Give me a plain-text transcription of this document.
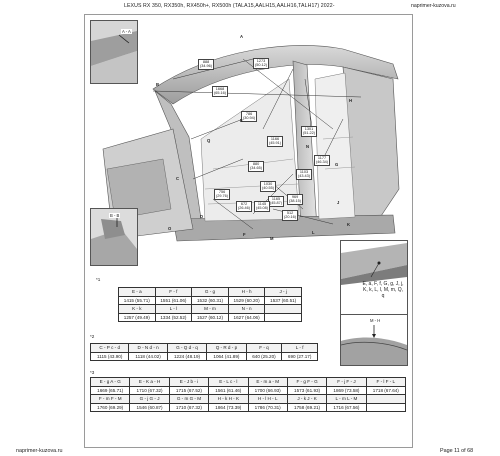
LEXUS RX 350, RX350h, RX450h+, RX500h (TALA15,AALH15,AALH16,TALH17) 2022-	naprimer-kuzova.ru
888
(34.96)
1273
(50.12)
1668
(65.16)
786
(30.94)
1166
(45.91)
1301
(51.22)
880
(34.65)
1177
(46.34)
1030
(40.55)
1103
(43.43)
1165
(45.87)
756
(29.76)
672
(26.46)
969
(38.15)
1145
(45.08)
512
(20.16)
A
B
C
D
E
F
G
H
J
K
L
M
N
O
Q
A - A
B - B
E, a, F, f, G, g, J, j, K, k, L, l, M, m, Q, q
M - H
*1
E - a	F - f	G - g	H - h	J - j
1415 (55.71)	1551 (61.06)	1532 (60.31)	1529 (60.20)	1537 (60.51)
K - k	L - l	M - m	N - n	
1257 (49.49)	1334 (52.52)	1527 (60.12)	1627 (64.06)	
*2
C - P c - d	D - N d - n	G - Q d - q	Q - R d - p	F - q	L - f
1115 (43.90)	1118 (44.02)	1224 (48.19)	1064 (41.89)	640 (25.20)	690 (27.17)
*3
E - g A - G	E - K a - H	E - J b - i	E - L c - l	E - m a - M	F - g F - G	F - j F - J	F - l F - L
1669 (65.71)	1710 (67.32)	1715 (67.52)	1561 (61.46)	1700 (66.93)	1573 (61.93)	1869 (73.58)	1718 (67.64)
F - m F - M	G - j G - J	G - m G - M	H - k H - K	H - l H - L	J - k J - K	L - m L - M	
1760 (69.29)	1546 (60.87)	1710 (67.32)	1864 (73.39)	1786 (70.31)	1758 (69.21)	1716 (67.56)	
naprimer-kuzova.ru	Page 11 of 68
